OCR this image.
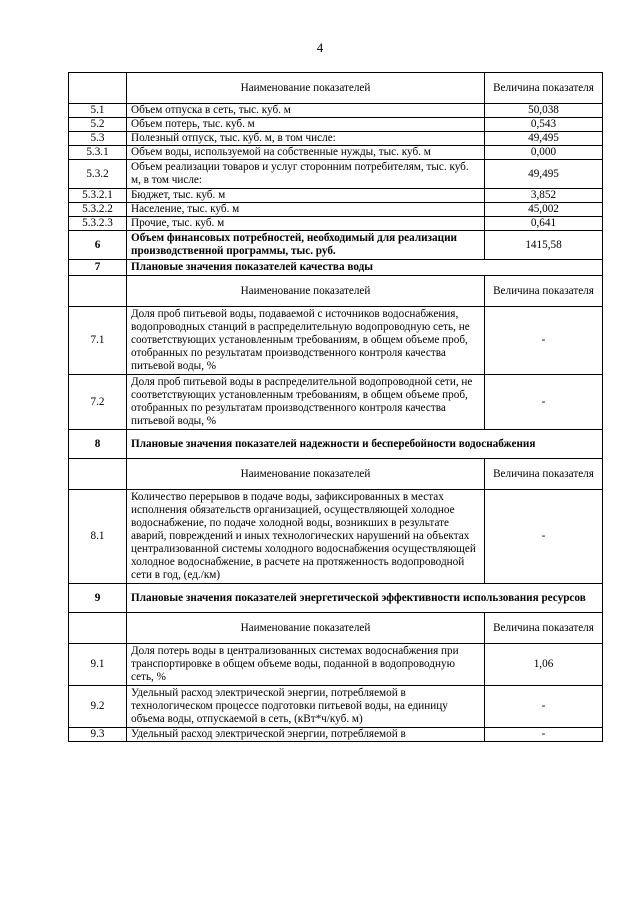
4
	Наименование показателей	Величина показателя
5.1	Объем отпуска в сеть, тыс. куб. м	50,038
5.2	Объем потерь, тыс. куб. м	0,543
5.3	Полезный отпуск, тыс. куб. м, в том числе:	49,495
5.3.1	Объем воды, используемой на собственные нужды, тыс. куб. м	0,000
5.3.2	Объем реализации товаров и услуг сторонним потребителям, тыс. куб. м, в том числе:	49,495
5.3.2.1	Бюджет, тыс. куб. м	3,852
5.3.2.2	Население, тыс. куб. м	45,002
5.3.2.3	Прочие, тыс. куб. м	0,641
6	Объем финансовых потребностей, необходимый для реализации производственной программы, тыс. руб.	1415,58
7	Плановые значения показателей качества воды	
	Наименование показателей	Величина показателя
7.1	Доля проб питьевой воды, подаваемой с источников водоснабжения, водопроводных станций в распределительную водопроводную сеть, не соответствующих установленным требованиям, в общем объеме проб, отобранных по результатам производственного контроля качества питьевой воды, %	-
7.2	Доля проб питьевой воды в распределительной водопроводной сети, не соответствующих установленным требованиям, в общем объеме проб, отобранных по результатам производственного контроля качества питьевой воды, %	-
8	Плановые значения показателей надежности и бесперебойности водоснабжения	
	Наименование показателей	Величина показателя
8.1	Количество перерывов в подаче воды, зафиксированных в местах исполнения обязательств организацией, осуществляющей холодное водоснабжение, по подаче холодной воды, возникших в результате аварий, повреждений и иных технологических нарушений на объектах централизованной системы холодного водоснабжения осуществляющей холодное водоснабжение, в расчете на протяженность водопроводной сети в год, (ед./км)	-
9	Плановые значения показателей энергетической эффективности использования ресурсов	
	Наименование показателей	Величина показателя
9.1	Доля потерь воды в централизованных системах водоснабжения при транспортировке в общем объеме воды, поданной в водопроводную сеть, %	1,06
9.2	Удельный расход электрической энергии, потребляемой в технологическом процессе подготовки питьевой воды, на единицу объема воды, отпускаемой в сеть, (кВт*ч/куб. м)	-
9.3	Удельный расход электрической энергии, потребляемой в	-
